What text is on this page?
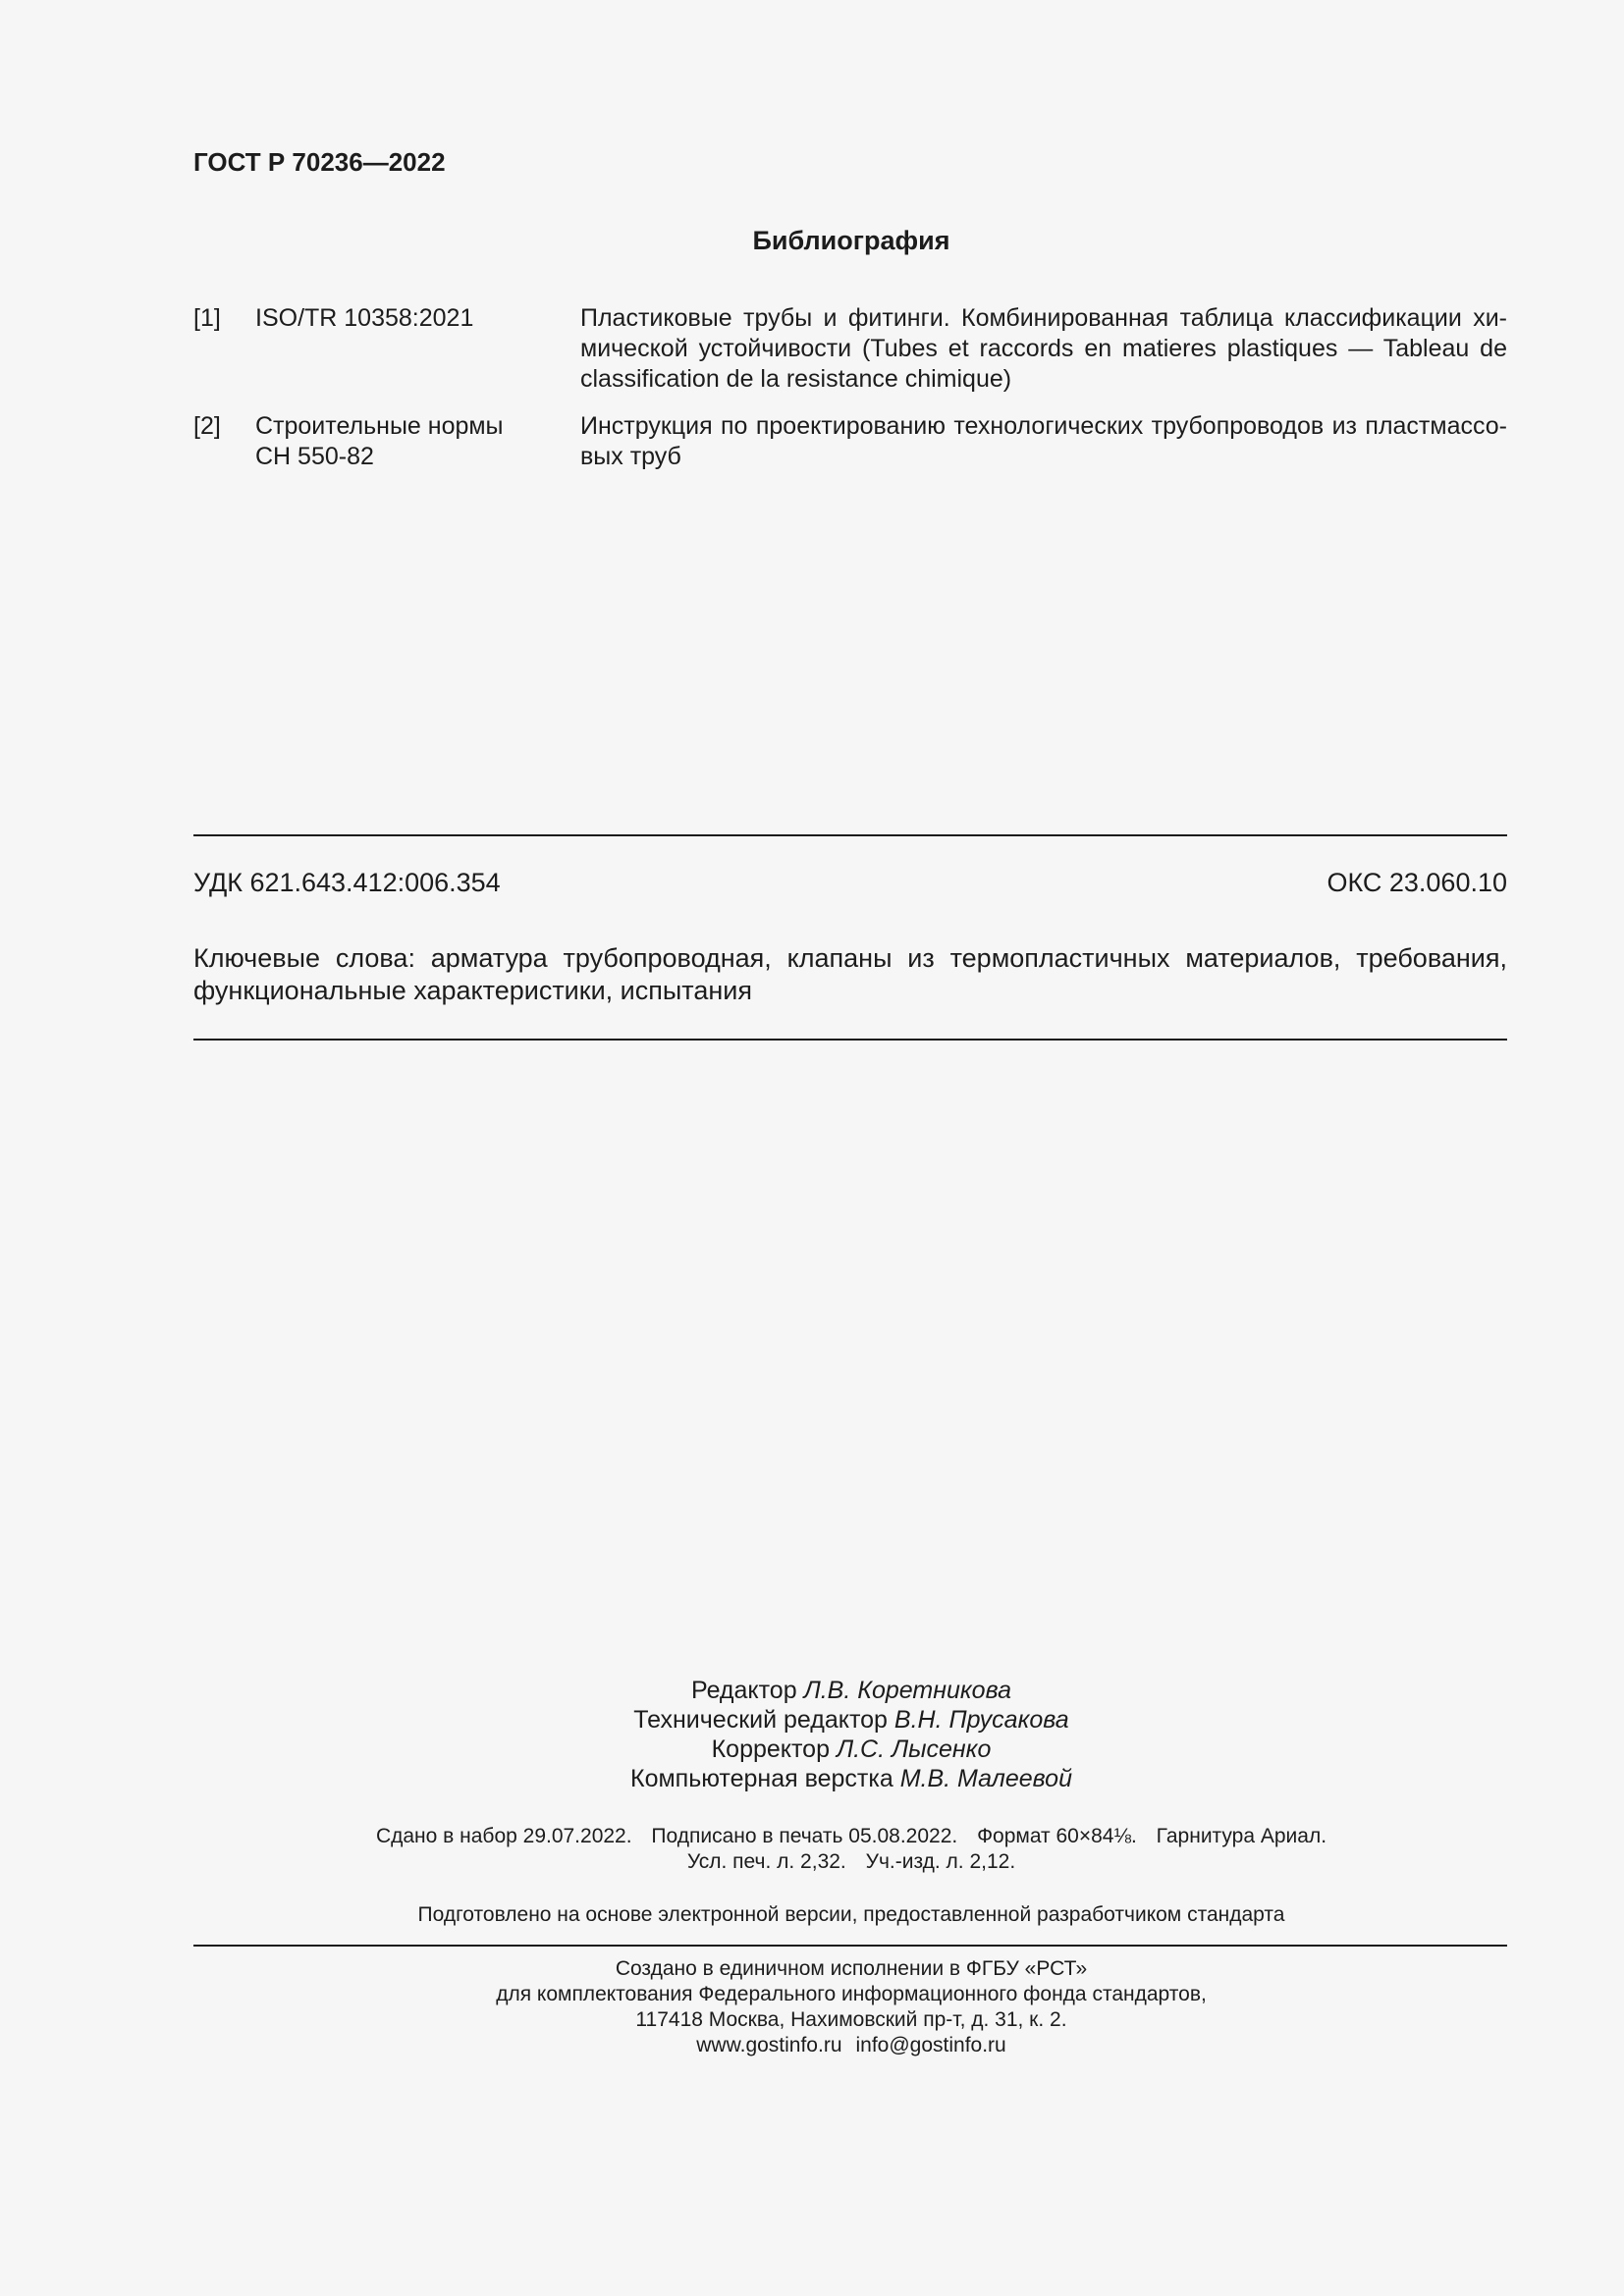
ГОСТ Р 70236—2022
Библиография
[1] ISO/TR 10358:2021	Пластиковые трубы и фитинги. Комбинированная таблица классификации хи-
мической устойчивости (Tubes et raccords en matieres plastiques — Tableau de
classification de la resistance chimique)
[2] Строительные нормы
СН 550-82
Инструкция по проектированию технологических трубопроводов из пластмассо-
вых труб
УДК 621.643.412:006.354	ОКС 23.060.10
Ключевые слова: арматура трубопроводная, клапаны из термопластичных материалов, требования,
функциональные характеристики, испытания
Редактор Л.В. Коретникова
Технический редактор В.Н. Прусакова
Корректор Л.С. Лысенко
Компьютерная верстка М.В. Малеевой
Сдано в набор 29.07.2022. Подписано в печать 05.08.2022. Формат 60×84⅛. Гарнитура Ариал.
Усл. печ. л. 2,32. Уч.-изд. л. 2,12.
Подготовлено на основе электронной версии, предоставленной разработчиком стандарта
Создано в единичном исполнении в ФГБУ «РСТ»
для комплектования Федерального информационного фонда стандартов,
117418 Москва, Нахимовский пр-т, д. 31, к. 2.
www.gostinfo.ru info@gostinfo.ru
